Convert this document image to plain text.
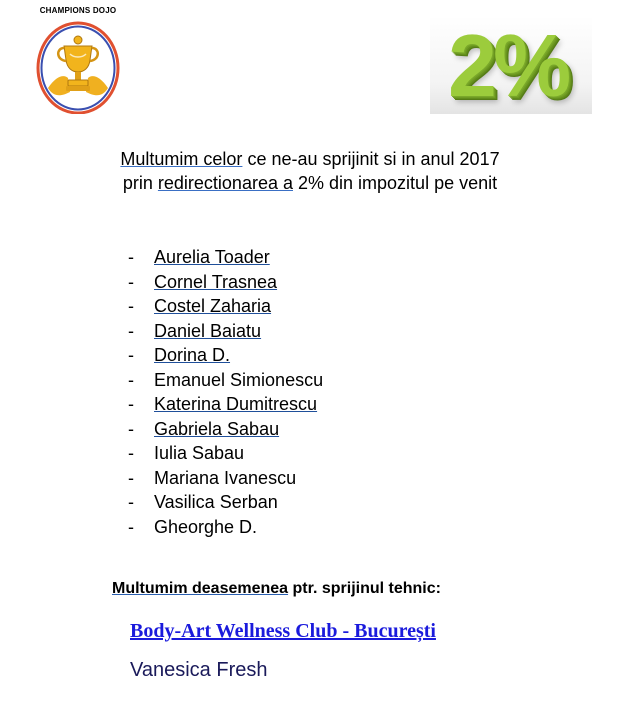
CHAMPIONS DOJO
2%
Multumim celor ce ne-au sprijinit si in anul 2017
prin redirectionarea a 2% din impozitul pe venit
- Aurelia Toader
- Cornel Trasnea
- Costel Zaharia
- Daniel Baiatu
- Dorina D.
- Emanuel Simionescu
- Katerina Dumitrescu
- Gabriela Sabau
- Iulia Sabau
- Mariana Ivanescu
- Vasilica Serban
- Gheorghe D.
Multumim deasemenea ptr. sprijinul tehnic:
Body-Art Wellness Club - București
Vanesica Fresh
